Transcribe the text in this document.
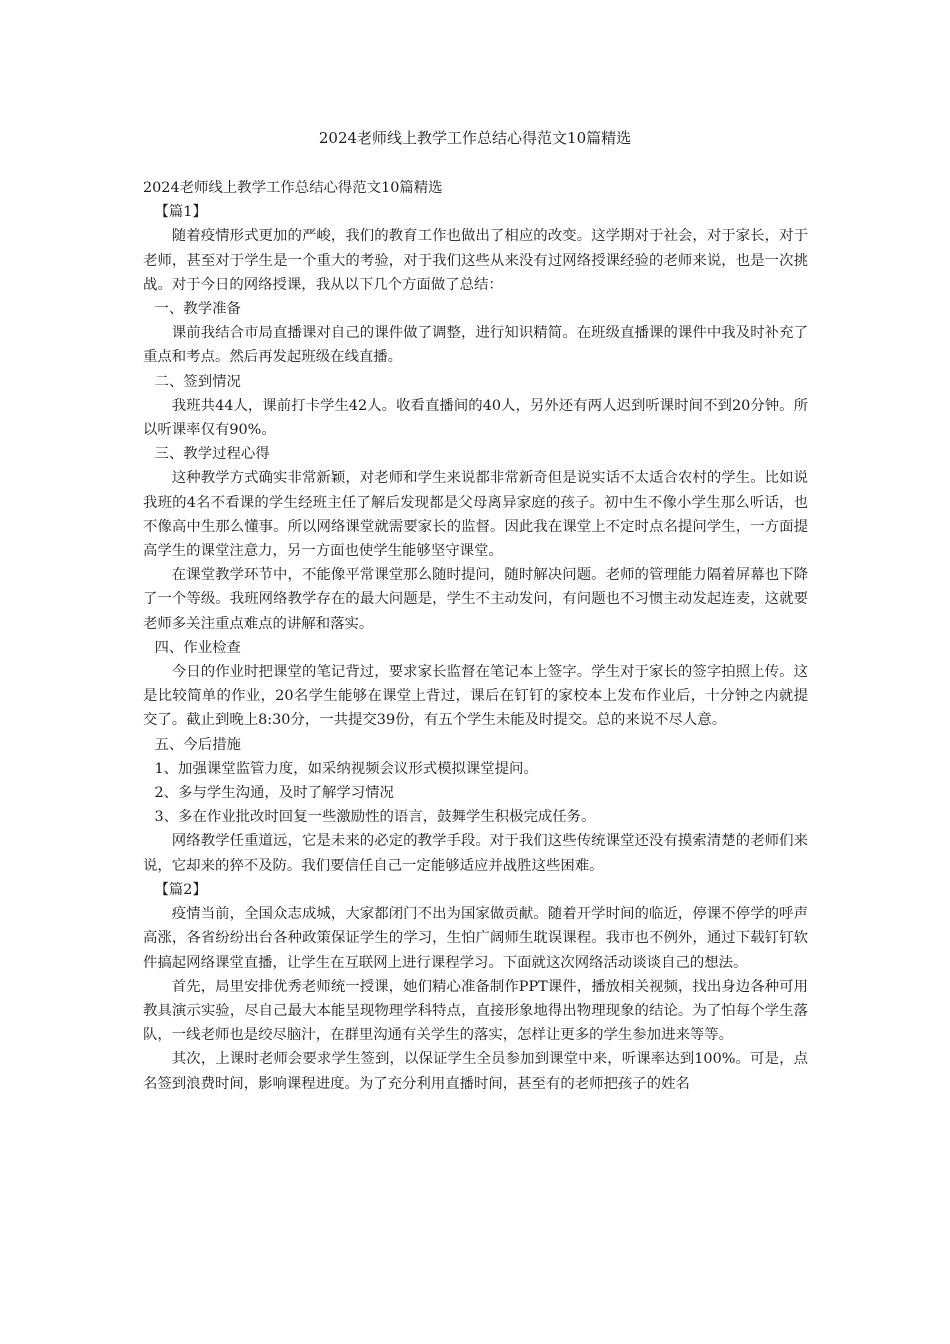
2024老师线上教学工作总结心得范文10篇精选

2024老师线上教学工作总结心得范文10篇精选

【篇1】

随着疫情形式更加的严峻，我们的教育工作也做出了相应的改变。这学期对于社会，对于家长，对于老师，甚至对于学生是一个重大的考验，对于我们这些从来没有过网络授课经验的老师来说，也是一次挑战。对于今日的网络授课，我从以下几个方面做了总结：

一、教学准备

课前我结合市局直播课对自己的课件做了调整，进行知识精简。在班级直播课的课件中我及时补充了重点和考点。然后再发起班级在线直播。

二、签到情况

我班共44人，课前打卡学生42人。收看直播间的40人，另外还有两人迟到听课时间不到20分钟。所以听课率仅有90%。

三、教学过程心得

这种教学方式确实非常新颖，对老师和学生来说都非常新奇但是说实话不太适合农村的学生。比如说我班的4名不看课的学生经班主任了解后发现都是父母离异家庭的孩子。初中生不像小学生那么听话，也不像高中生那么懂事。所以网络课堂就需要家长的监督。因此我在课堂上不定时点名提问学生，一方面提高学生的课堂注意力，另一方面也使学生能够坚守课堂。

在课堂教学环节中，不能像平常课堂那么随时提问，随时解决问题。老师的管理能力隔着屏幕也下降了一个等级。我班网络教学存在的最大问题是，学生不主动发问，有问题也不习惯主动发起连麦，这就要老师多关注重点难点的讲解和落实。

四、作业检查

今日的作业时把课堂的笔记背过，要求家长监督在笔记本上签字。学生对于家长的签字拍照上传。这是比较简单的作业，20名学生能够在课堂上背过，课后在钉钉的家校本上发布作业后，十分钟之内就提交了。截止到晚上8:30分，一共提交39份，有五个学生未能及时提交。总的来说不尽人意。

五、今后措施

1、加强课堂监管力度，如采纳视频会议形式模拟课堂提问。

2、多与学生沟通，及时了解学习情况

3、多在作业批改时回复一些激励性的语言，鼓舞学生积极完成任务。

网络教学任重道远，它是未来的必定的教学手段。对于我们这些传统课堂还没有摸索清楚的老师们来说，它却来的猝不及防。我们要信任自己一定能够适应并战胜这些困难。

【篇2】

疫情当前，全国众志成城，大家都闭门不出为国家做贡献。随着开学时间的临近，停课不停学的呼声高涨，各省纷纷出台各种政策保证学生的学习，生怕广阔师生耽误课程。我市也不例外，通过下载钉钉软件搞起网络课堂直播，让学生在互联网上进行课程学习。下面就这次网络活动谈谈自己的想法。

首先，局里安排优秀老师统一授课，她们精心准备制作PPT课件，播放相关视频，找出身边各种可用教具演示实验，尽自己最大本能呈现物理学科特点，直接形象地得出物理现象的结论。为了怕每个学生落队，一线老师也是绞尽脑汁，在群里沟通有关学生的落实，怎样让更多的学生参加进来等等。

其次，上课时老师会要求学生签到，以保证学生全员参加到课堂中来，听课率达到100%。可是，点名签到浪费时间，影响课程进度。为了充分利用直播时间，甚至有的老师把孩子的姓名
